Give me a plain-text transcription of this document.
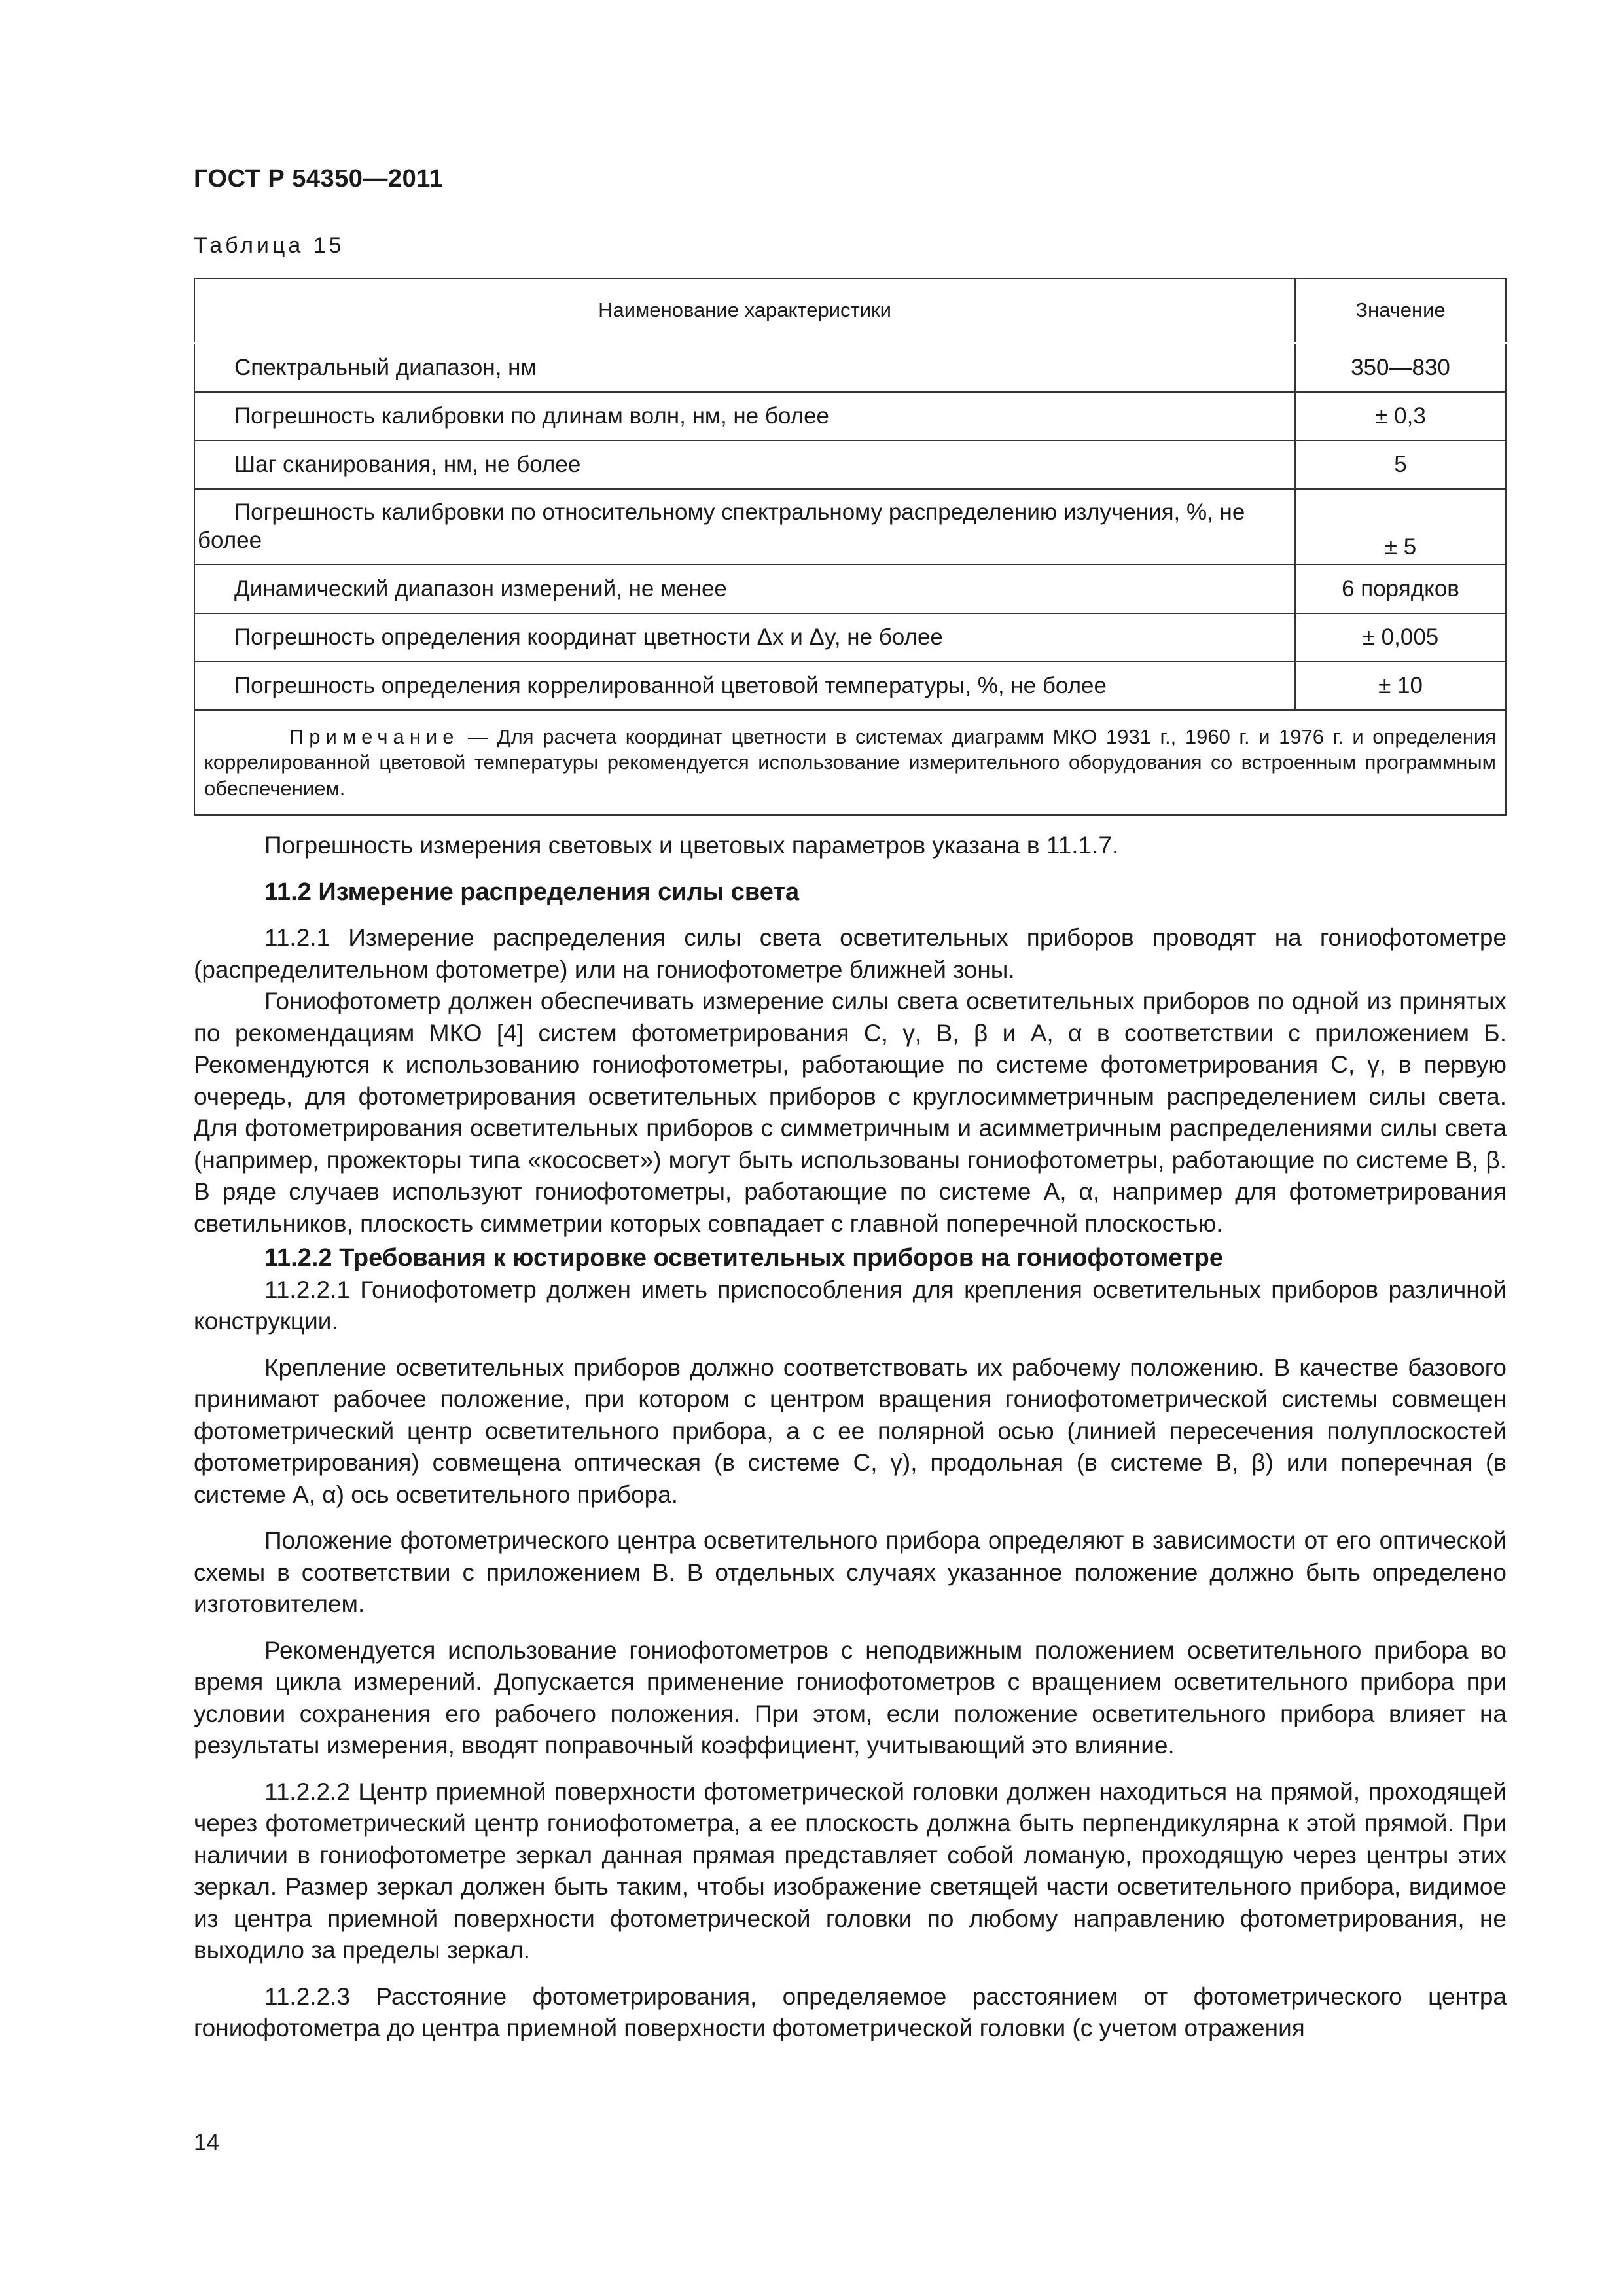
ГОСТ Р 54350—2011
Таблица 15
Наименование характеристики	Значение
Спектральный диапазон, нм	350—830
Погрешность калибровки по длинам волн, нм, не более	± 0,3
Шаг сканирования, нм, не более	5
Погрешность калибровки по относительному спектральному распределению излучения, %, не более	± 5
Динамический диапазон измерений, не менее	6 порядков
Погрешность определения координат цветности Δx и Δy, не более	± 0,005
Погрешность определения коррелированной цветовой температуры, %, не более	± 10
Примечание — Для расчета координат цветности в системах диаграмм МКО 1931 г., 1960 г. и 1976 г. и определения коррелированной цветовой температуры рекомендуется использование измерительного оборудования со встроенным программным обеспечением.	

Погрешность измерения световых и цветовых параметров указана в 11.1.7.

11.2 Измерение распределения силы света

11.2.1 Измерение распределения силы света осветительных приборов проводят на гониофотометре (распределительном фотометре) или на гониофотометре ближней зоны.

Гониофотометр должен обеспечивать измерение силы света осветительных приборов по одной из принятых по рекомендациям МКО [4] систем фотометрирования C, γ, B, β и A, α в соответствии с приложением Б. Рекомендуются к использованию гониофотометры, работающие по системе фотометрирования C, γ, в первую очередь, для фотометрирования осветительных приборов с круглосимметричным распределением силы света. Для фотометрирования осветительных приборов с симметричным и асимметричным распределениями силы света (например, прожекторы типа «кососвет») могут быть использованы гониофотометры, работающие по системе B, β. В ряде случаев используют гониофотометры, работающие по системе A, α, например для фотометрирования светильников, плоскость симметрии которых совпадает с главной поперечной плоскостью.

11.2.2 Требования к юстировке осветительных приборов на гониофотометре

11.2.2.1 Гониофотометр должен иметь приспособления для крепления осветительных приборов различной конструкции.

Крепление осветительных приборов должно соответствовать их рабочему положению. В качестве базового принимают рабочее положение, при котором с центром вращения гониофотометрической системы совмещен фотометрический центр осветительного прибора, а с ее полярной осью (линией пересечения полуплоскостей фотометрирования) совмещена оптическая (в системе C, γ), продольная (в системе B, β) или поперечная (в системе A, α) ось осветительного прибора.

Положение фотометрического центра осветительного прибора определяют в зависимости от его оптической схемы в соответствии с приложением В. В отдельных случаях указанное положение должно быть определено изготовителем.

Рекомендуется использование гониофотометров с неподвижным положением осветительного прибора во время цикла измерений. Допускается применение гониофотометров с вращением осветительного прибора при условии сохранения его рабочего положения. При этом, если положение осветительного прибора влияет на результаты измерения, вводят поправочный коэффициент, учитывающий это влияние.

11.2.2.2 Центр приемной поверхности фотометрической головки должен находиться на прямой, проходящей через фотометрический центр гониофотометра, а ее плоскость должна быть перпендикулярна к этой прямой. При наличии в гониофотометре зеркал данная прямая представляет собой ломаную, проходящую через центры этих зеркал. Размер зеркал должен быть таким, чтобы изображение светящей части осветительного прибора, видимое из центра приемной поверхности фотометрической головки по любому направлению фотометрирования, не выходило за пределы зеркал.

11.2.2.3 Расстояние фотометрирования, определяемое расстоянием от фотометрического центра гониофотометра до центра приемной поверхности фотометрической головки (с учетом отражения

14
